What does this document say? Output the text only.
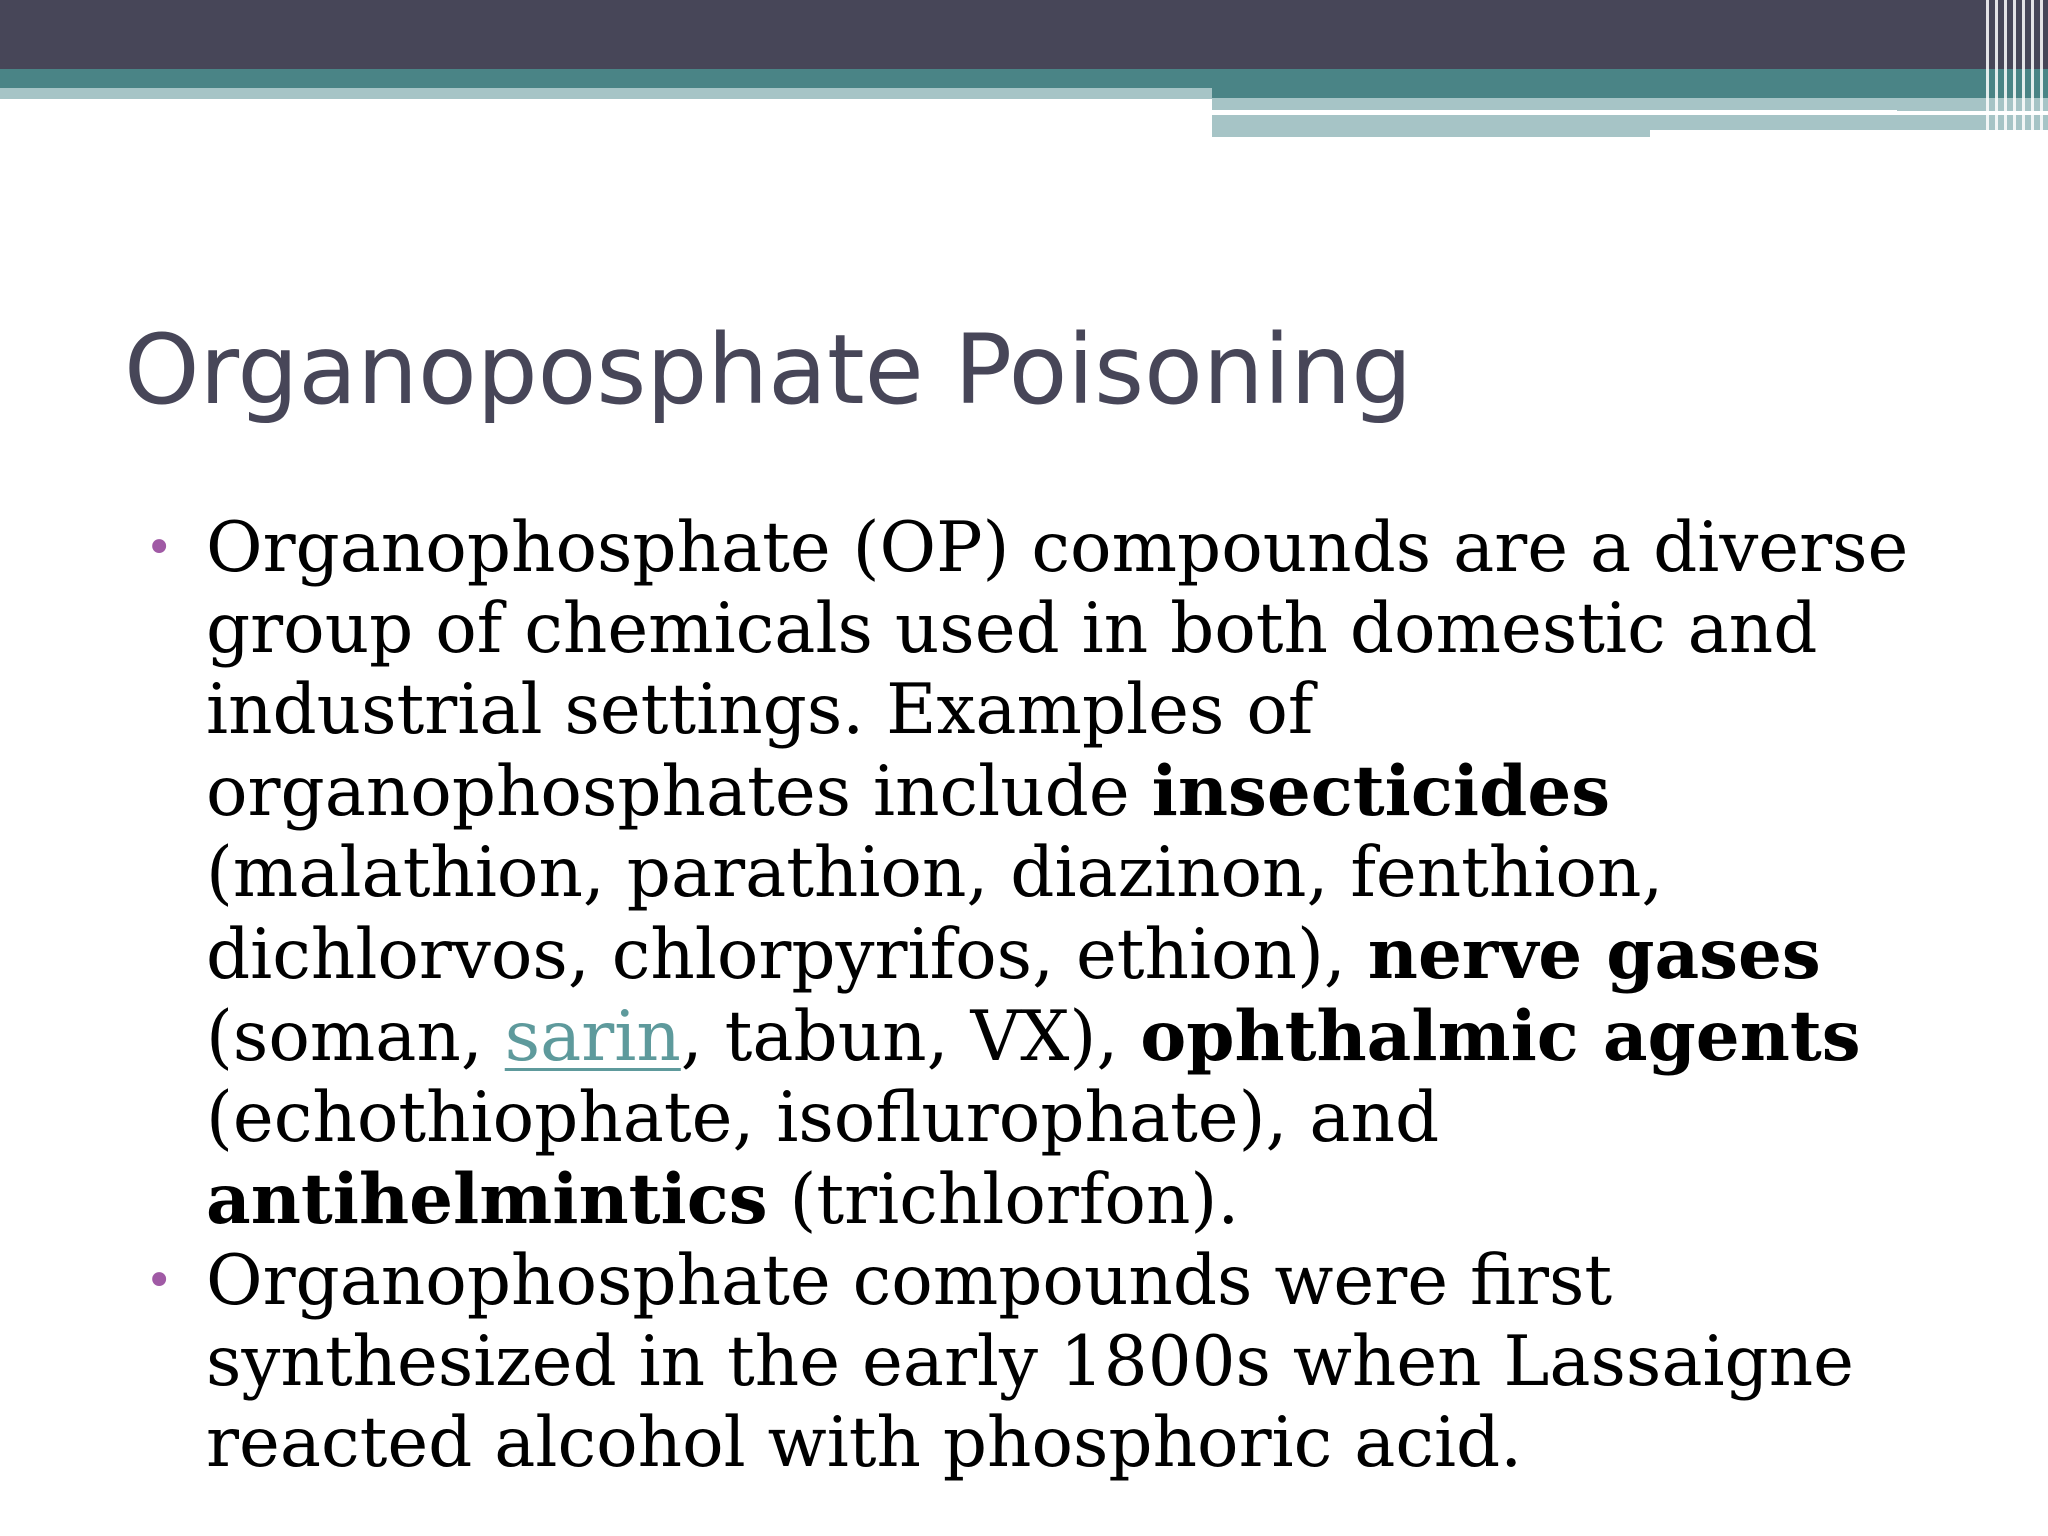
Organoposphate Poisoning
• Organophosphate (OP) compounds are a diverse group of chemicals used in both domestic and industrial settings. Examples of organophosphates include insecticides (malathion, parathion, diazinon, fenthion, dichlorvos, chlorpyrifos, ethion), nerve gases (soman, sarin, tabun, VX), ophthalmic agents (echothiophate, isoflurophate), and antihelmintics (trichlorfon).
• Organophosphate compounds were first synthesized in the early 1800s when Lassaigne reacted alcohol with phosphoric acid.
